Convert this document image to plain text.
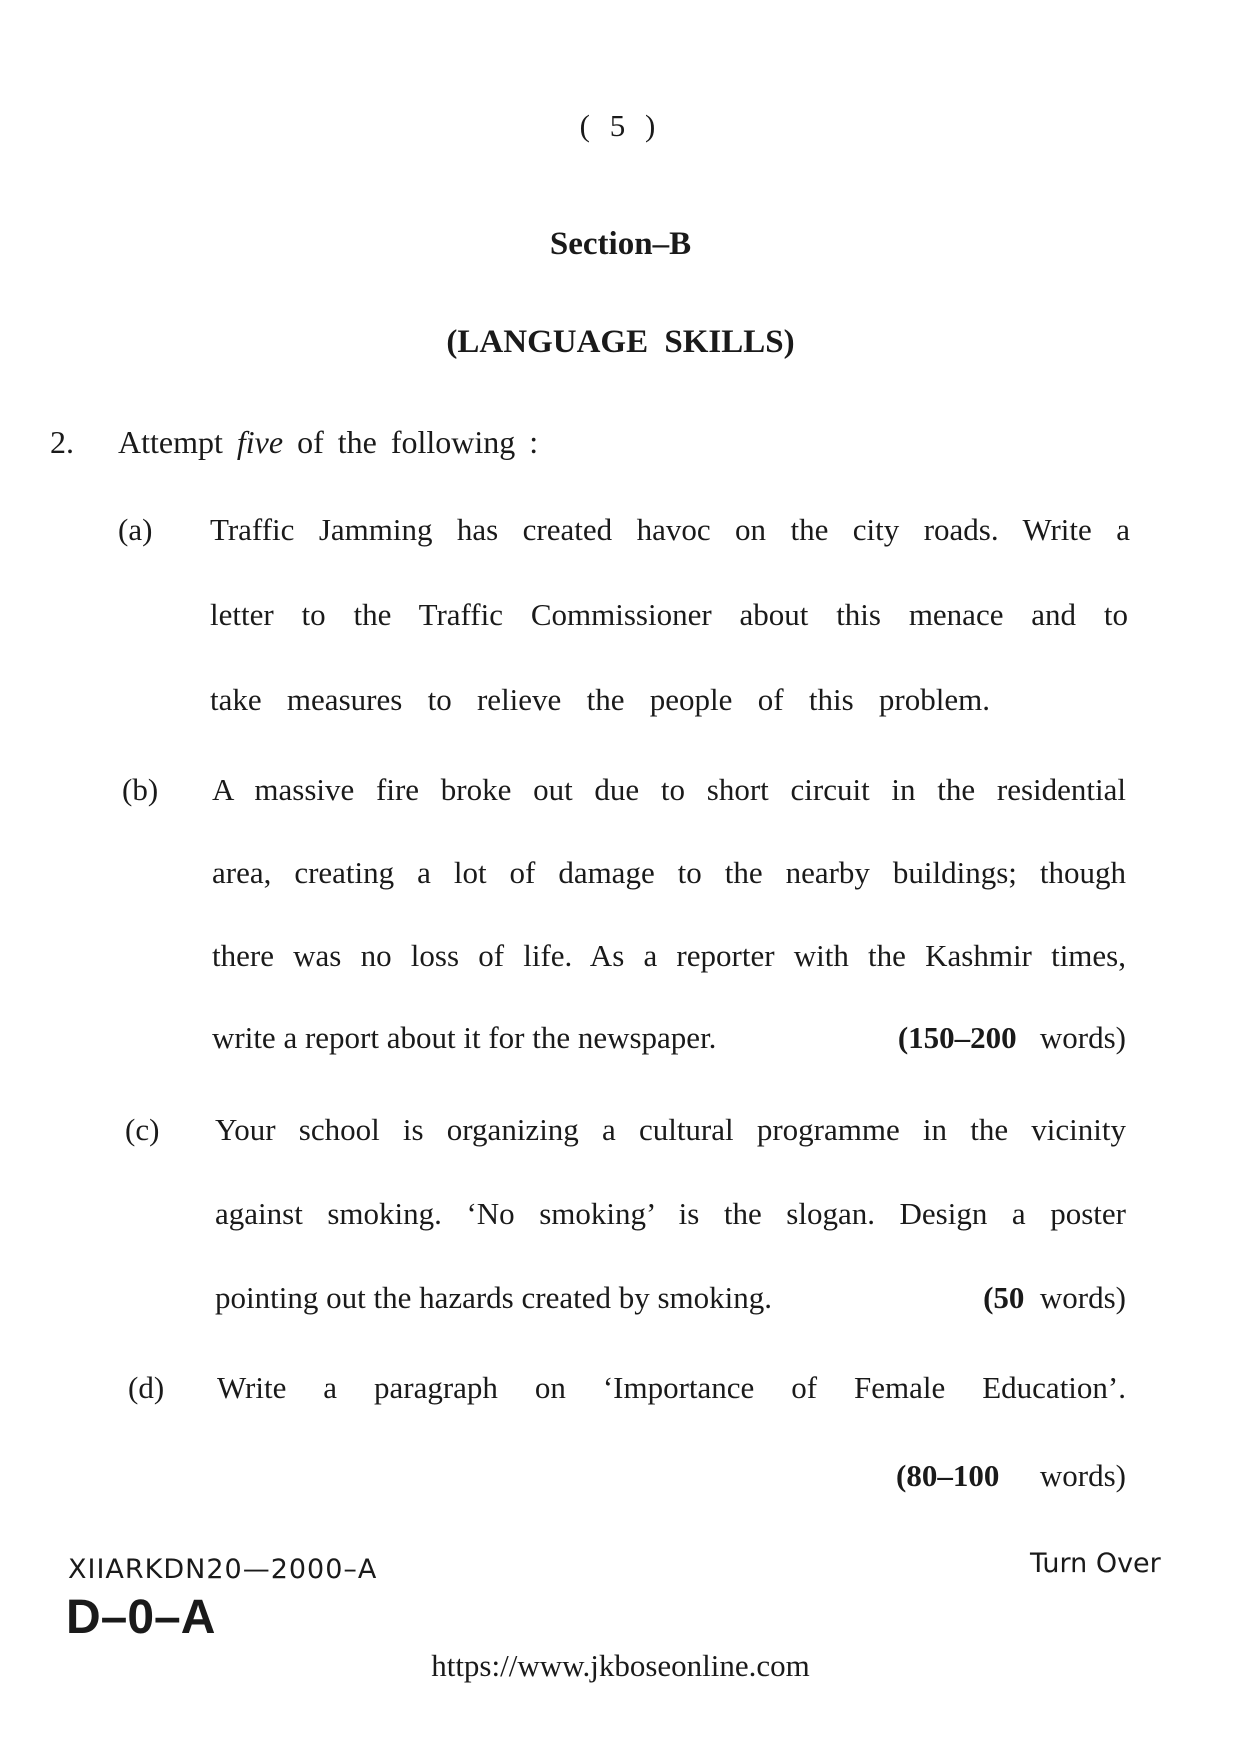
( 5 )
Section–B
(LANGUAGE SKILLS)
2. Attempt five of the following :
(a)	Traffic Jamming has created havoc on the city roads. Write a
letter to the Traffic Commissioner about this menace and to
take measures to relieve the people of this problem.
(b)	A massive fire broke out due to short circuit in the residential
area, creating a lot of damage to the nearby buildings; though
there was no loss of life. As a reporter with the Kashmir times,
write a report about it for the newspaper.	(150–200 words)
(c)	Your school is organizing a cultural programme in the vicinity
against smoking. ‘No smoking’ is the slogan. Design a poster
pointing out the hazards created by smoking.	(50 words)
(d)	Write a paragraph on ‘Importance of Female Education’.
(80–100 words)
XIIARKDN20—2000–A	Turn Over
D–0–A
https://www.jkboseonline.com
